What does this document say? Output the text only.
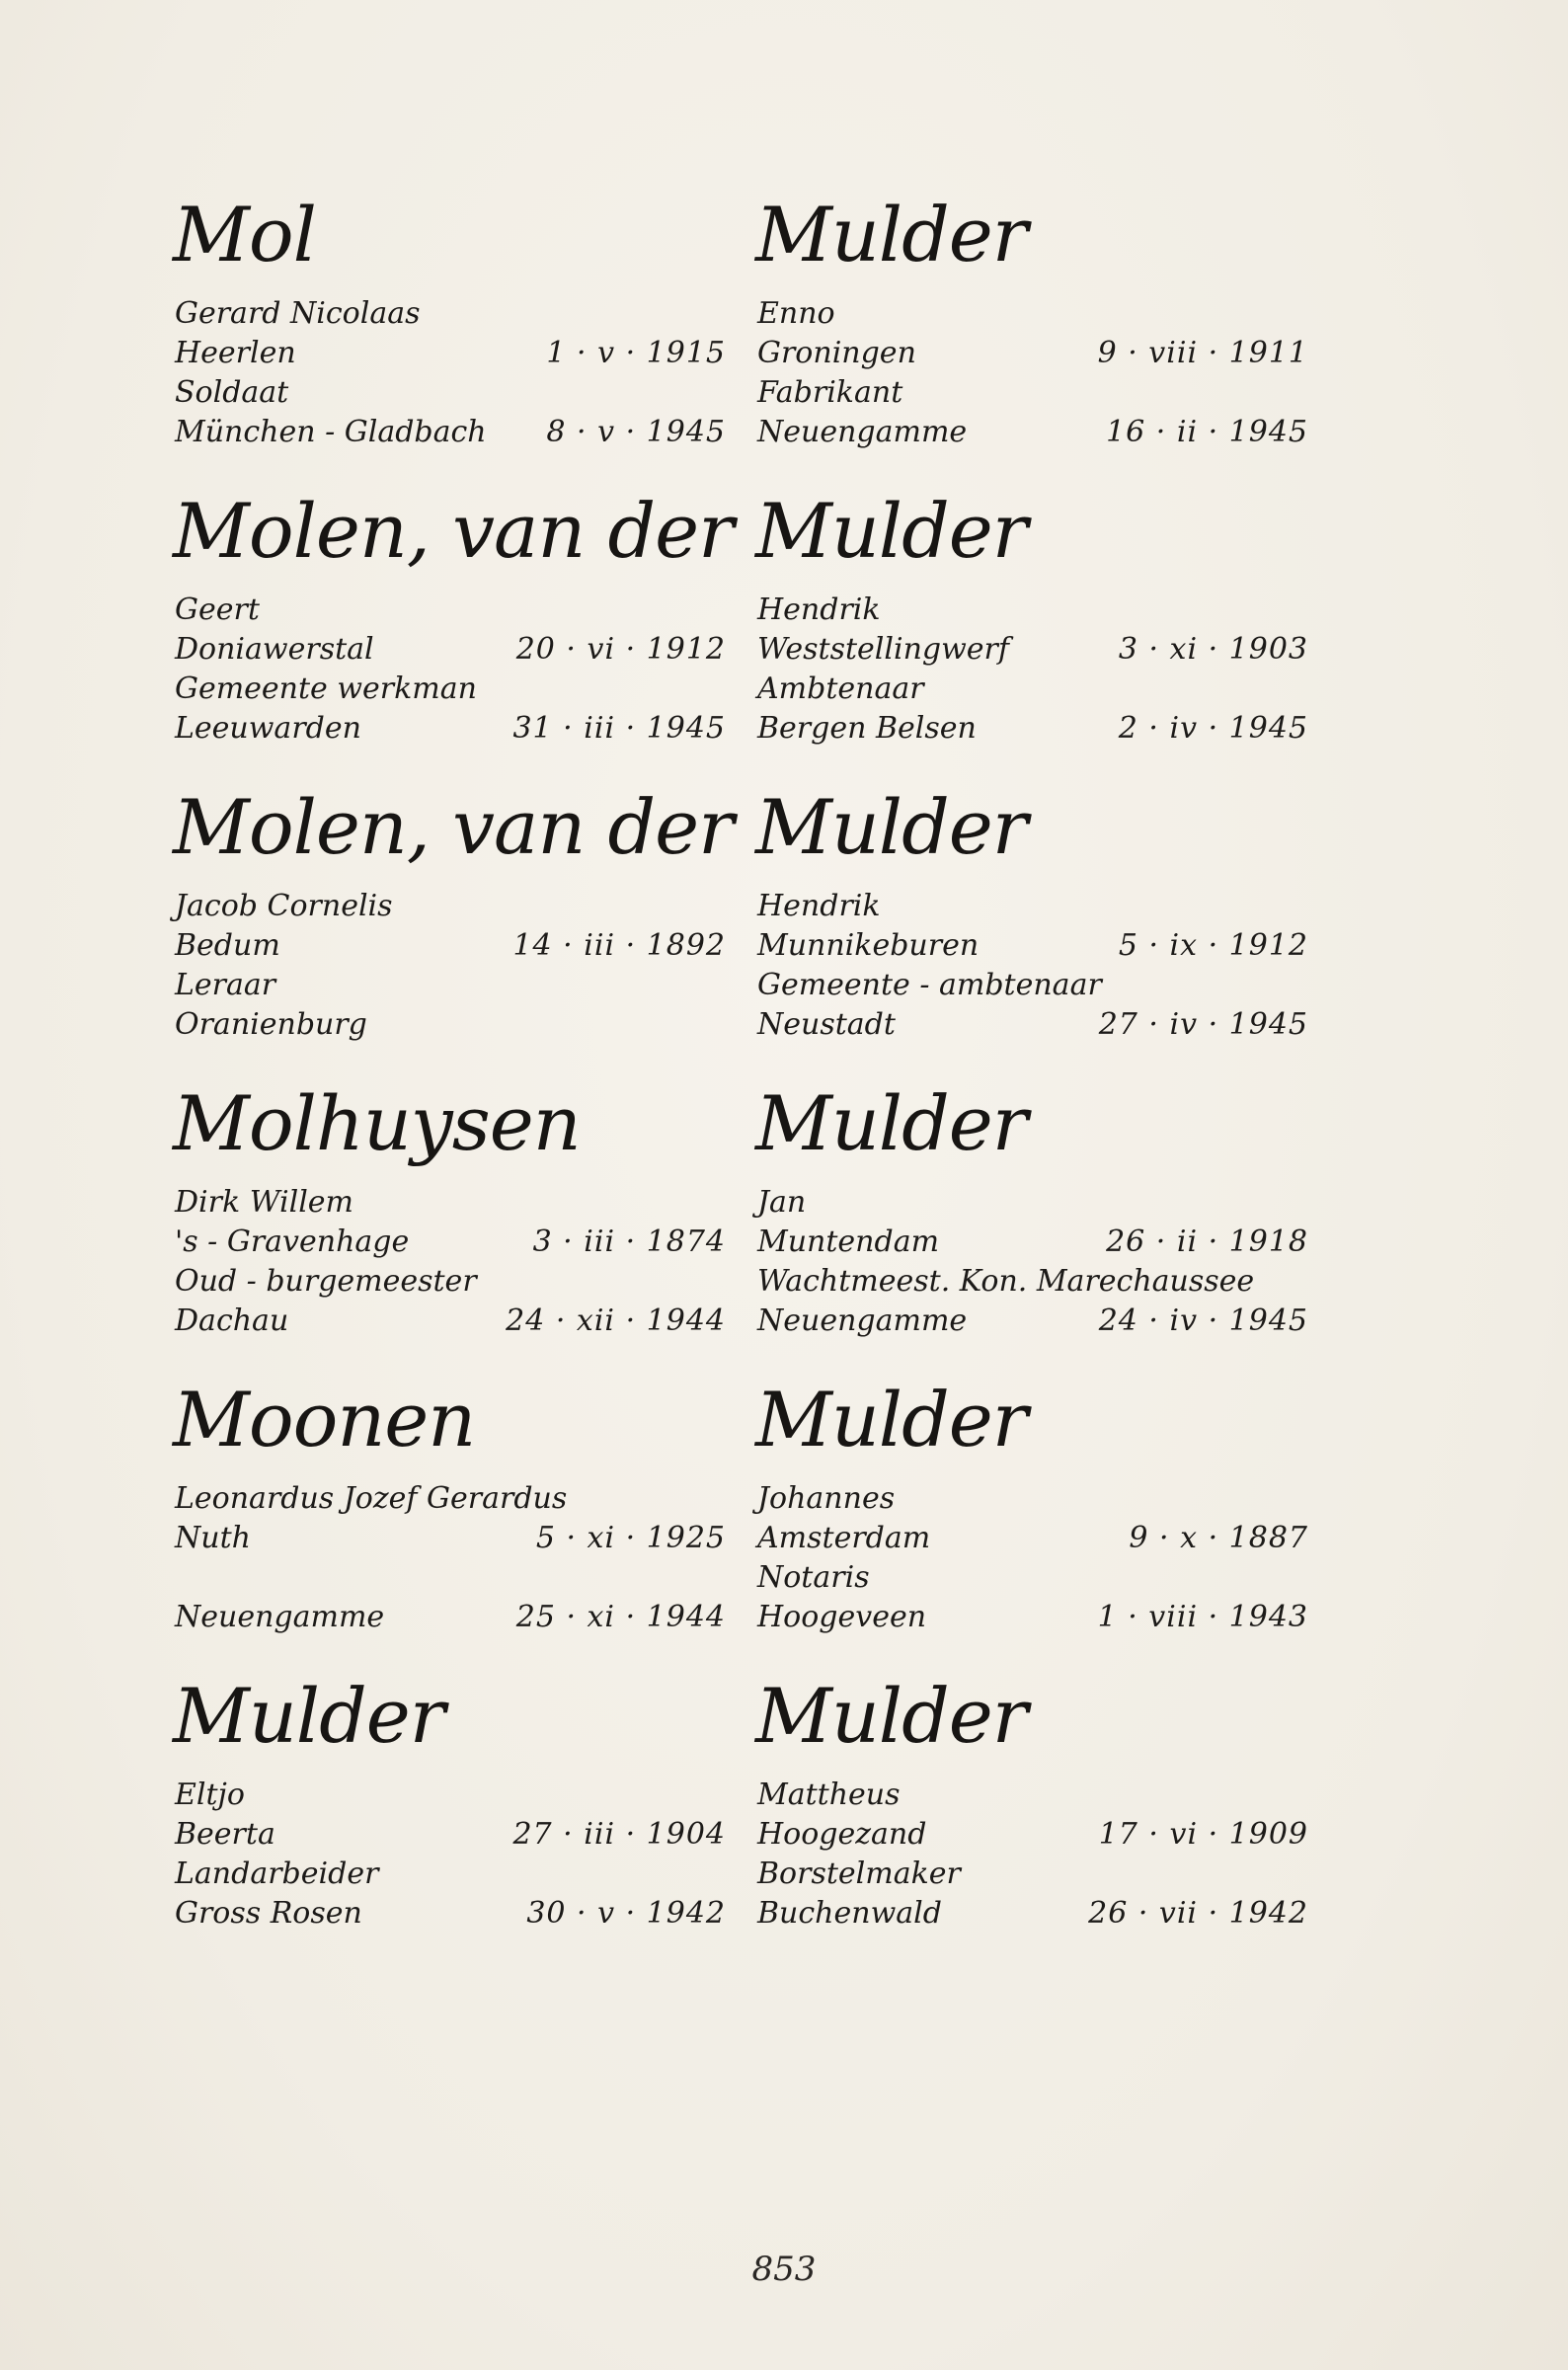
Mol
Gerard Nicolaas
Heerlen	1 · v · 1915
Soldaat
München - Gladbach 8 · v · 1945
Molen, van der
Geert
Doniawerstal	20 · vi · 1912
Gemeente werkman
Leeuwarden	31 · iii · 1945
Molen, van der
Jacob Cornelis
Bedum	14 · iii · 1892
Leraar
Oranienburg
Molhuysen
Dirk Willem
's - Gravenhage	3 · iii · 1874
Oud - burgemeester
Dachau	24 · xii · 1944
Moonen
Leonardus Jozef Gerardus
Nuth	5 · xi · 1925
Neuengamme	25 · xi · 1944
Mulder
Eltjo
Beerta	27 · iii · 1904
Landarbeider
Gross Rosen	30 · v · 1942
Mulder
Enno
Groningen	9 · viii · 1911
Fabrikant
Neuengamme	16 · ii · 1945
Mulder
Hendrik
Weststellingwerf	3 · xi · 1903
Ambtenaar
Bergen Belsen	2 · iv · 1945
Mulder
Hendrik
Munnikeburen	5 · ix · 1912
Gemeente - ambtenaar
Neustadt	27 · iv · 1945
Mulder
Jan
Muntendam	26 · ii · 1918
Wachtmeest. Kon. Marechaussee
Neuengamme	24 · iv · 1945
Mulder
Johannes
Amsterdam	9 · x · 1887
Notaris
Hoogeveen	1 · viii · 1943
Mulder
Mattheus
Hoogezand	17 · vi · 1909
Borstelmaker
Buchenwald	26 · vii · 1942
853
